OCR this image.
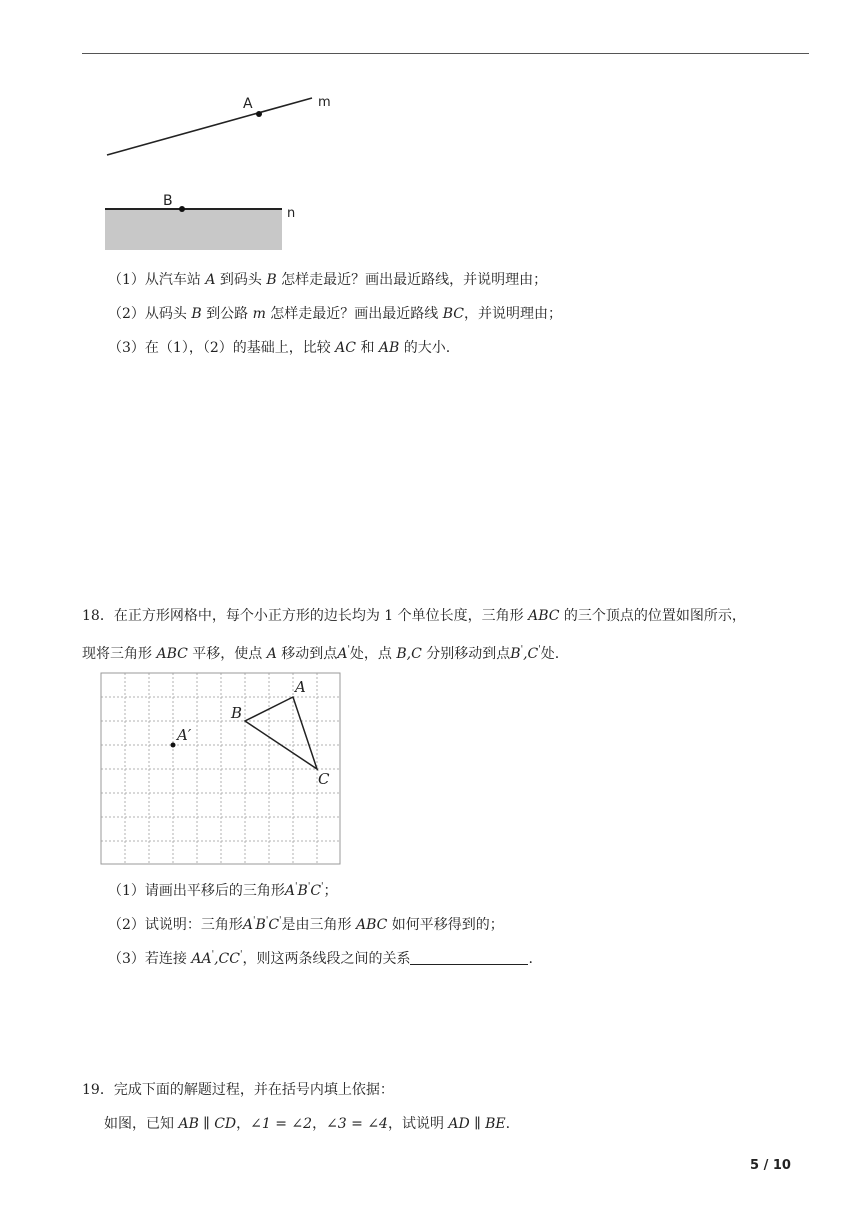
A	m
B
n
（1）从汽车站 A 到码头 B 怎样走最近？画出最近路线，并说明理由；
（2）从码头 B 到公路 m 怎样走最近？画出最近路线 BC，并说明理由；
（3）在（1），（2）的基础上，比较 AC 和 AB 的大小.
18．在正方形网格中，每个小正方形的边长均为 1 个单位长度，三角形 ABC 的三个顶点的位置如图所示，
现将三角形 ABC 平移，使点 A 移动到点A'处，点 B,C 分别移动到点B',C'处.
A
B
C
A′
（1）请画出平移后的三角形A'B'C'；
（2）试说明：三角形A'B'C'是由三角形 ABC 如何平移得到的；
（3）若连接 AA',CC'，则这两条线段之间的关系	.
19．完成下面的解题过程，并在括号内填上依据：
如图，已知 AB ∥ CD，∠1 = ∠2，∠3 = ∠4，试说明 AD ∥ BE.
5 / 10
